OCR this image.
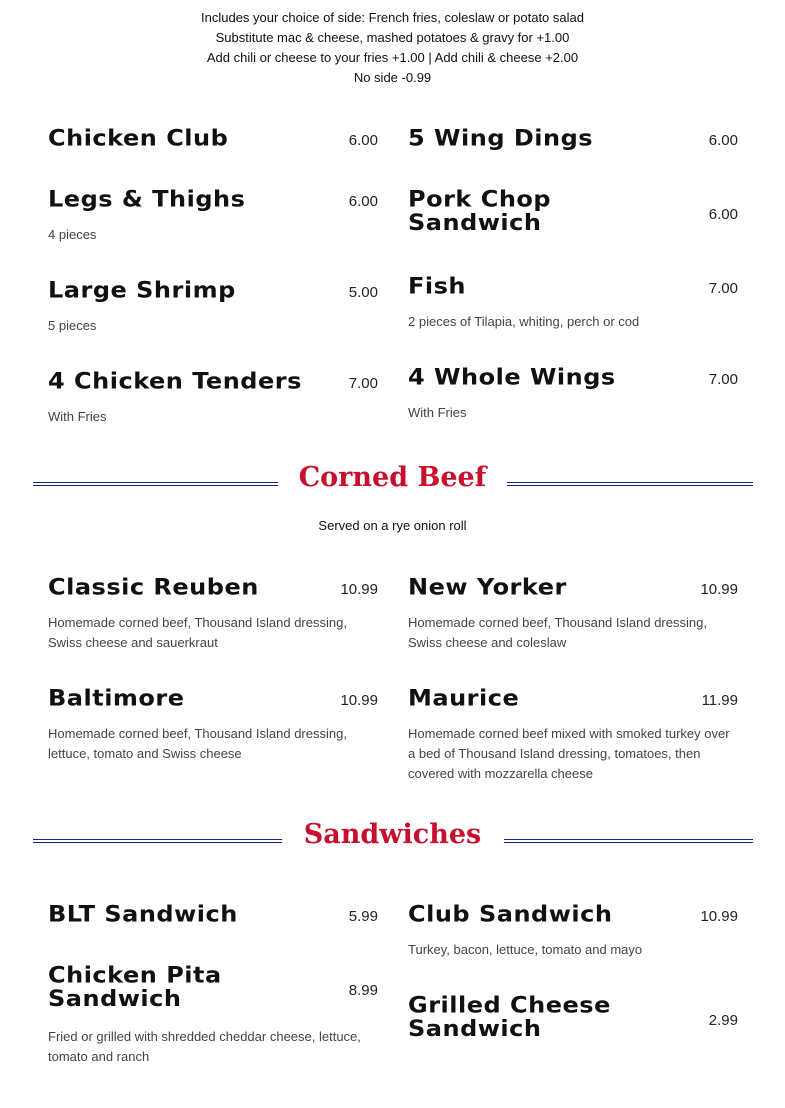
Includes your choice of side: French fries, coleslaw or potato salad
Substitute mac & cheese, mashed potatoes & gravy for +1.00
Add chili or cheese to your fries +1.00 | Add chili & cheese +2.00
No side -0.99
Chicken Club	6.00 5 Wing Dings	6.00
Legs & Thighs	6.00
4 pieces
Pork Chop Sandwich	6.00
Large Shrimp	5.00
5 pieces
Fish	7.00
2 pieces of Tilapia, whiting, perch or cod
4 Chicken Tenders	7.00
With Fries
4 Whole Wings	7.00
With Fries
Corned Beef
Served on a rye onion roll
Classic Reuben	10.99
Homemade corned beef, Thousand Island dressing, Swiss cheese and sauerkraut
New Yorker	10.99
Homemade corned beef, Thousand Island dressing, Swiss cheese and coleslaw
Baltimore	10.99
Homemade corned beef, Thousand Island dressing, lettuce, tomato and Swiss cheese
Maurice	11.99
Homemade corned beef mixed with smoked turkey over a bed of Thousand Island dressing, tomatoes, then covered with mozzarella cheese
Sandwiches
BLT Sandwich	5.99 Club Sandwich	10.99
Turkey, bacon, lettuce, tomato and mayo
Chicken Pita Sandwich	8.99
Fried or grilled with shredded cheddar cheese, lettuce, tomato and ranch
Grilled Cheese Sandwich	2.99
